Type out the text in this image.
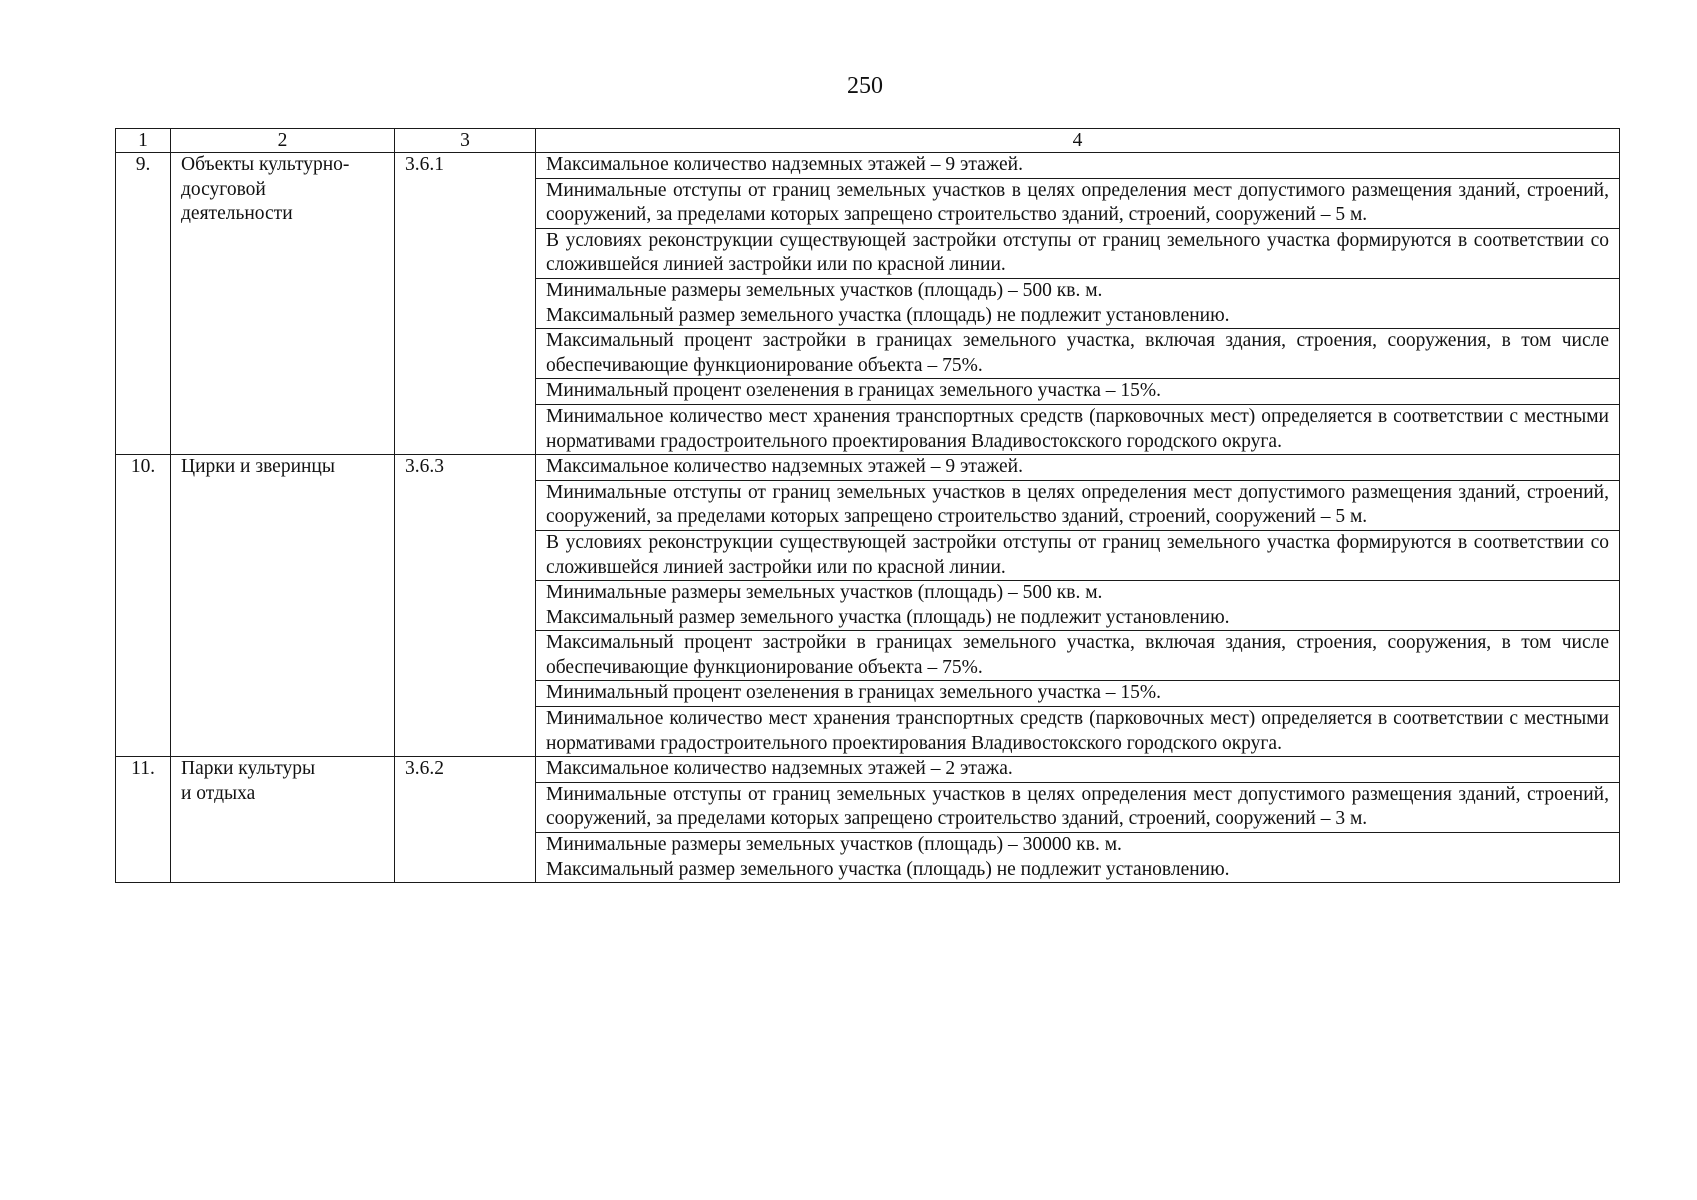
250
1	2	3	4
9.	Объекты культурно-
досуговой
деятельности	3.6.1	Максимальное количество надземных этажей – 9 этажей.

			Минимальные отступы от границ земельных участков в целях определения мест допустимого размещения зданий, строений, сооружений, за пределами которых запрещено строительство зданий, строений, сооружений – 5 м.

			В условиях реконструкции существующей застройки отступы от границ земельного участка формируются в соответствии со сложившейся линией застройки или по красной линии.

			Минимальные размеры земельных участков (площадь) – 500 кв. м.
Максимальный размер земельного участка (площадь) не подлежит установлению.

			Максимальный процент застройки в границах земельного участка, включая здания, строения, сооружения, в том числе обеспечивающие функционирование объекта – 75%.

			Минимальный процент озеленения в границах земельного участка – 15%.

			Минимальное количество мест хранения транспортных средств (парковочных мест) определяется в соответствии с местными нормативами градостроительного проектирования Владивостокского городского округа.

10.	Цирки и зверинцы	3.6.3	Максимальное количество надземных этажей – 9 этажей.

			Минимальные отступы от границ земельных участков в целях определения мест допустимого размещения зданий, строений, сооружений, за пределами которых запрещено строительство зданий, строений, сооружений – 5 м.

			В условиях реконструкции существующей застройки отступы от границ земельного участка формируются в соответствии со сложившейся линией застройки или по красной линии.

			Минимальные размеры земельных участков (площадь) – 500 кв. м.
Максимальный размер земельного участка (площадь) не подлежит установлению.

			Максимальный процент застройки в границах земельного участка, включая здания, строения, сооружения, в том числе обеспечивающие функционирование объекта – 75%.

			Минимальный процент озеленения в границах земельного участка – 15%.

			Минимальное количество мест хранения транспортных средств (парковочных мест) определяется в соответствии с местными нормативами градостроительного проектирования Владивостокского городского округа.

11.	Парки культуры
и отдыха	3.6.2	Максимальное количество надземных этажей – 2 этажа.

			Минимальные отступы от границ земельных участков в целях определения мест допустимого размещения зданий, строений, сооружений, за пределами которых запрещено строительство зданий, строений, сооружений – 3 м.

			Минимальные размеры земельных участков (площадь) – 30000 кв. м.
Максимальный размер земельного участка (площадь) не подлежит установлению.
